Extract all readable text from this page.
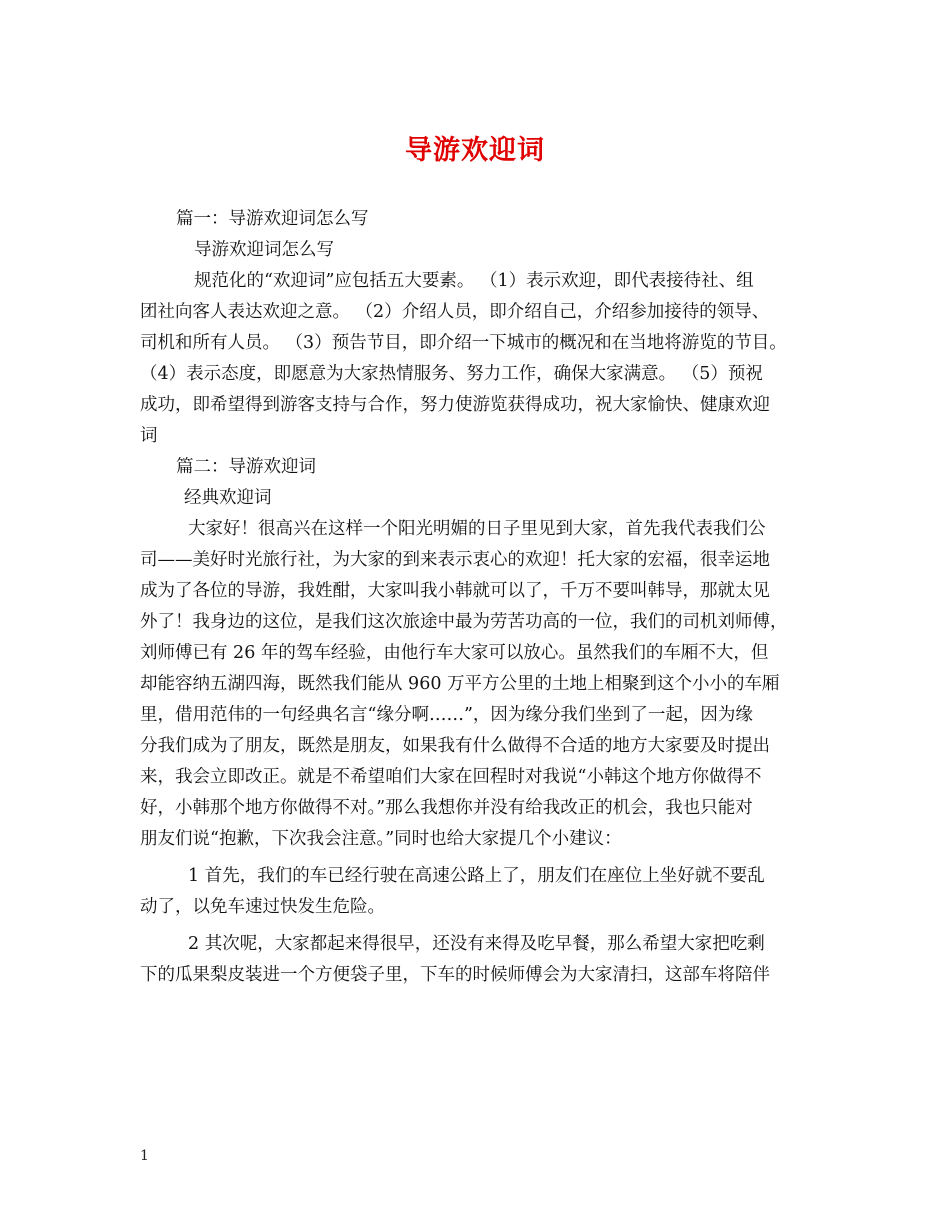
导游欢迎词
篇一：导游欢迎词怎么写
导游欢迎词怎么写
规范化的“欢迎词”应包括五大要素。 （1）表示欢迎，即代表接待社、组
团社向客人表达欢迎之意。 （2）介绍人员，即介绍自己，介绍参加接待的领导、
司机和所有人员。 （3）预告节目，即介绍一下城市的概况和在当地将游览的节目。
（4）表示态度，即愿意为大家热情服务、努力工作，确保大家满意。 （5）预祝
成功，即希望得到游客支持与合作，努力使游览获得成功，祝大家愉快、健康欢迎
词
篇二：导游欢迎词
经典欢迎词
大家好！很高兴在这样一个阳光明媚的日子里见到大家，首先我代表我们公
司——美好时光旅行社，为大家的到来表示衷心的欢迎！托大家的宏福，很幸运地
成为了各位的导游，我姓酣，大家叫我小韩就可以了，千万不要叫韩导，那就太见
外了！我身边的这位，是我们这次旅途中最为劳苦功高的一位，我们的司机刘师傅，
刘师傅已有 26 年的驾车经验，由他行车大家可以放心。虽然我们的车厢不大，但
却能容纳五湖四海，既然我们能从 960 万平方公里的土地上相聚到这个小小的车厢
里，借用范伟的一句经典名言“缘分啊……”，因为缘分我们坐到了一起，因为缘
分我们成为了朋友，既然是朋友，如果我有什么做得不合适的地方大家要及时提出
来，我会立即改正。就是不希望咱们大家在回程时对我说“小韩这个地方你做得不
好，小韩那个地方你做得不对。”那么我想你并没有给我改正的机会，我也只能对
朋友们说“抱歉，下次我会注意。”同时也给大家提几个小建议：
1 首先，我们的车已经行驶在高速公路上了，朋友们在座位上坐好就不要乱
动了，以免车速过快发生危险。
2 其次呢，大家都起来得很早，还没有来得及吃早餐，那么希望大家把吃剩
下的瓜果梨皮装进一个方便袋子里，下车的时候师傅会为大家清扫，这部车将陪伴
1
